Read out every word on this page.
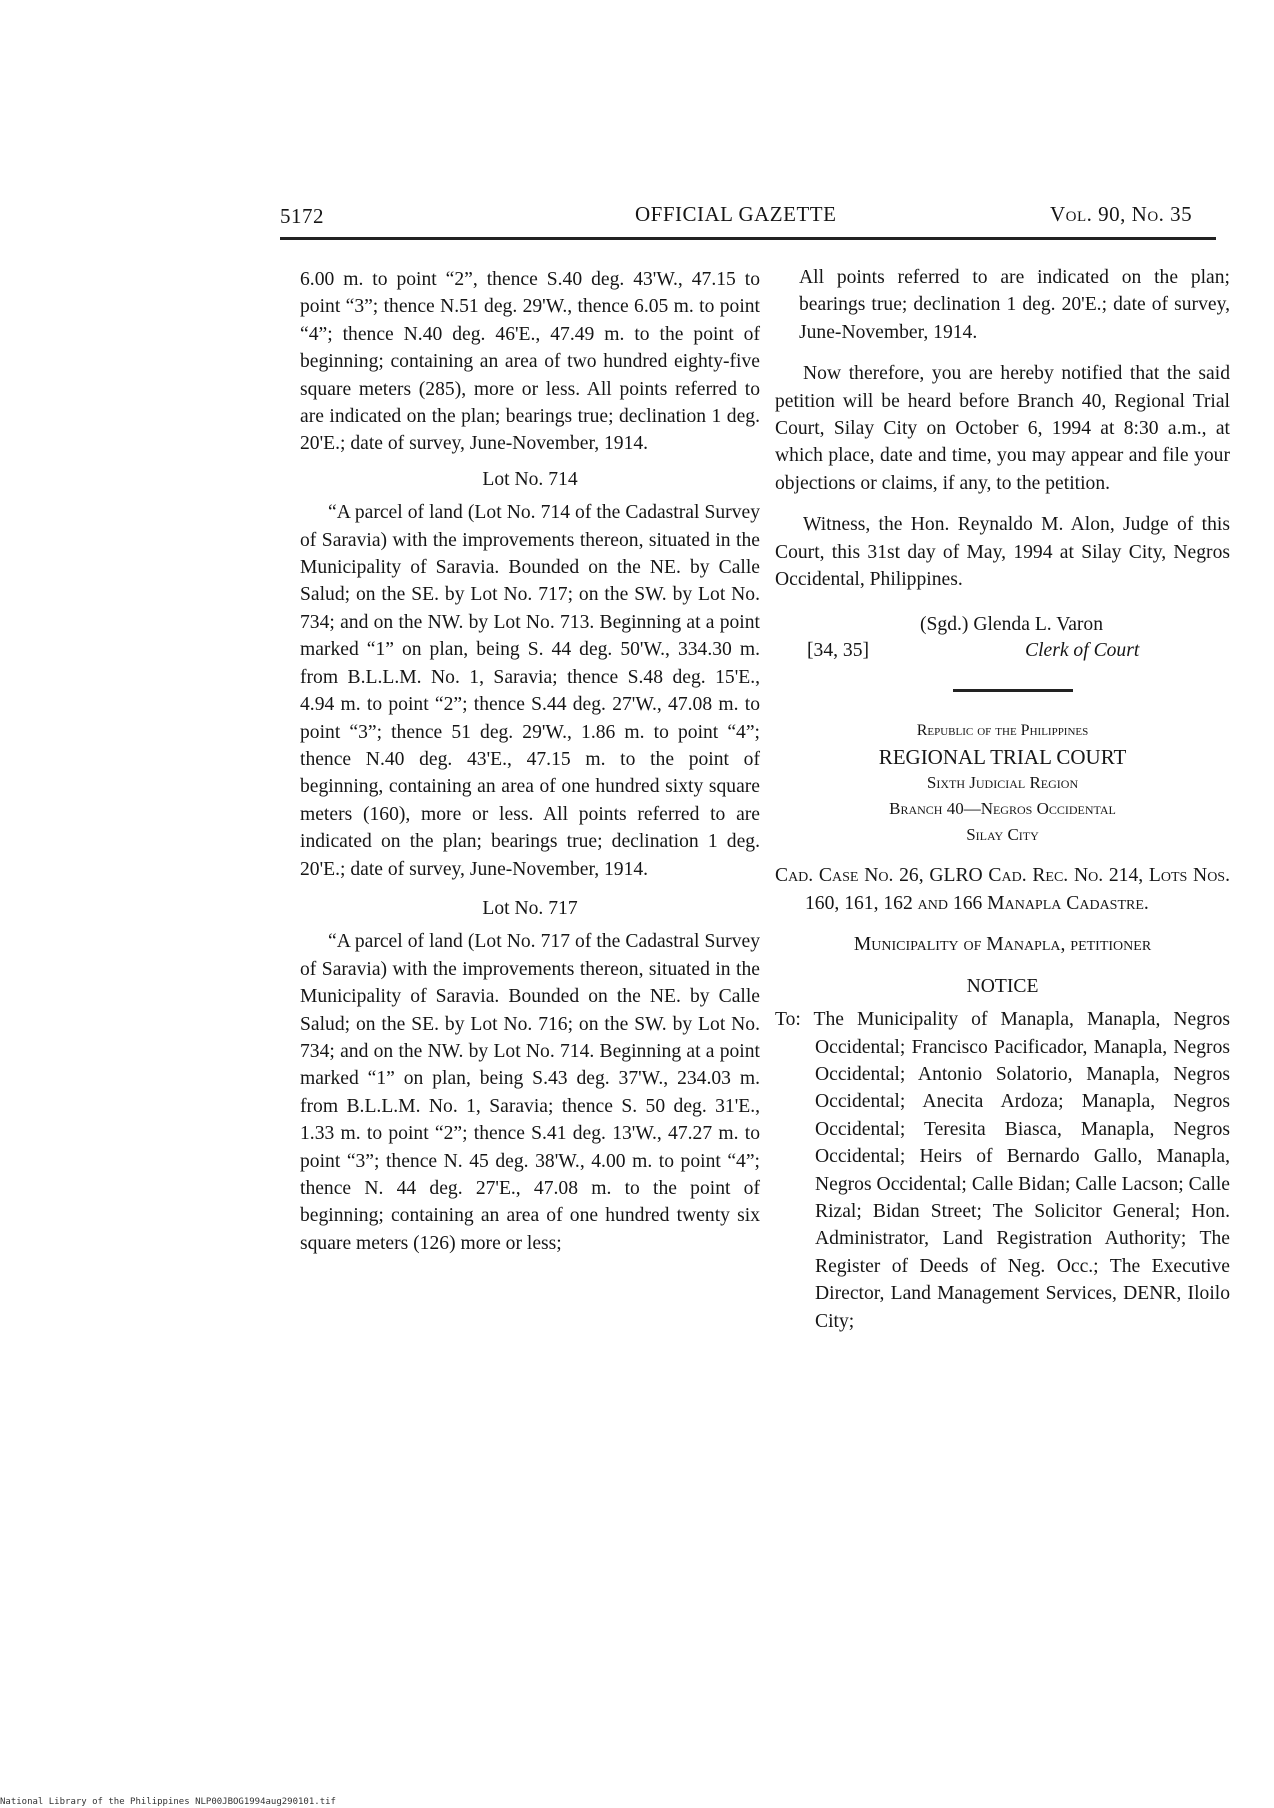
5172	OFFICIAL GAZETTE	Vol. 90, No. 35

6.00 m. to point “2”, thence S.40 deg. 43'W., 47.15 to point “3”; thence N.51 deg. 29'W., thence 6.05 m. to point “4”; thence N.40 deg. 46'E., 47.49 m. to the point of beginning; containing an area of two hundred eighty-five square meters (285), more or less. All points referred to are indicated on the plan; bearings true; declination 1 deg. 20'E.; date of survey, June-November, 1914.

Lot No. 714

“A parcel of land (Lot No. 714 of the Cadastral Survey of Saravia) with the improvements thereon, situated in the Municipality of Saravia. Bounded on the NE. by Calle Salud; on the SE. by Lot No. 717; on the SW. by Lot No. 734; and on the NW. by Lot No. 713. Beginning at a point marked “1” on plan, being S. 44 deg. 50'W., 334.30 m. from B.L.L.M. No. 1, Saravia; thence S.48 deg. 15'E., 4.94 m. to point “2”; thence S.44 deg. 27'W., 47.08 m. to point “3”; thence 51 deg. 29'W., 1.86 m. to point “4”; thence N.40 deg. 43'E., 47.15 m. to the point of beginning, containing an area of one hundred sixty square meters (160), more or less. All points referred to are indicated on the plan; bearings true; declination 1 deg. 20'E.; date of survey, June-November, 1914.

Lot No. 717

“A parcel of land (Lot No. 717 of the Cadastral Survey of Saravia) with the improvements thereon, situated in the Municipality of Saravia. Bounded on the NE. by Calle Salud; on the SE. by Lot No. 716; on the SW. by Lot No. 734; and on the NW. by Lot No. 714. Beginning at a point marked “1” on plan, being S.43 deg. 37'W., 234.03 m. from B.L.L.M. No. 1, Saravia; thence S. 50 deg. 31'E., 1.33 m. to point “2”; thence S.41 deg. 13'W., 47.27 m. to point “3”; thence N. 45 deg. 38'W., 4.00 m. to point “4”; thence N. 44 deg. 27'E., 47.08 m. to the point of beginning; containing an area of one hundred twenty six square meters (126) more or less;

All points referred to are indicated on the plan; bearings true; declination 1 deg. 20'E.; date of survey, June-November, 1914.

Now therefore, you are hereby notified that the said petition will be heard before Branch 40, Regional Trial Court, Silay City on October 6, 1994 at 8:30 a.m., at which place, date and time, you may appear and file your objections or claims, if any, to the petition.

Witness, the Hon. Reynaldo M. Alon, Judge of this Court, this 31st day of May, 1994 at Silay City, Negros Occidental, Philippines.

(Sgd.) Glenda L. Varon
[34, 35]	Clerk of Court
Republic of the Philippines
REGIONAL TRIAL COURT
Sixth Judicial Region
Branch 40—Negros Occidental
Silay City

Cad. Case No. 26, GLRO Cad. Rec. No. 214, Lots Nos. 160, 161, 162 and 166 Manapla Cadastre.

Municipality of Manapla, petitioner

NOTICE

To: The Municipality of Manapla, Manapla, Negros Occidental; Francisco Pacificador, Manapla, Negros Occidental; Antonio Solatorio, Manapla, Negros Occidental; Anecita Ardoza; Manapla, Negros Occidental; Teresita Biasca, Manapla, Negros Occidental; Heirs of Bernardo Gallo, Manapla, Negros Occidental; Calle Bidan; Calle Lacson; Calle Rizal; Bidan Street; The Solicitor General; Hon. Administrator, Land Registration Authority; The Register of Deeds of Neg. Occ.; The Executive Director, Land Management Services, DENR, Iloilo City;

National Library of the Philippines NLP00JBOG1994aug290101.tif
